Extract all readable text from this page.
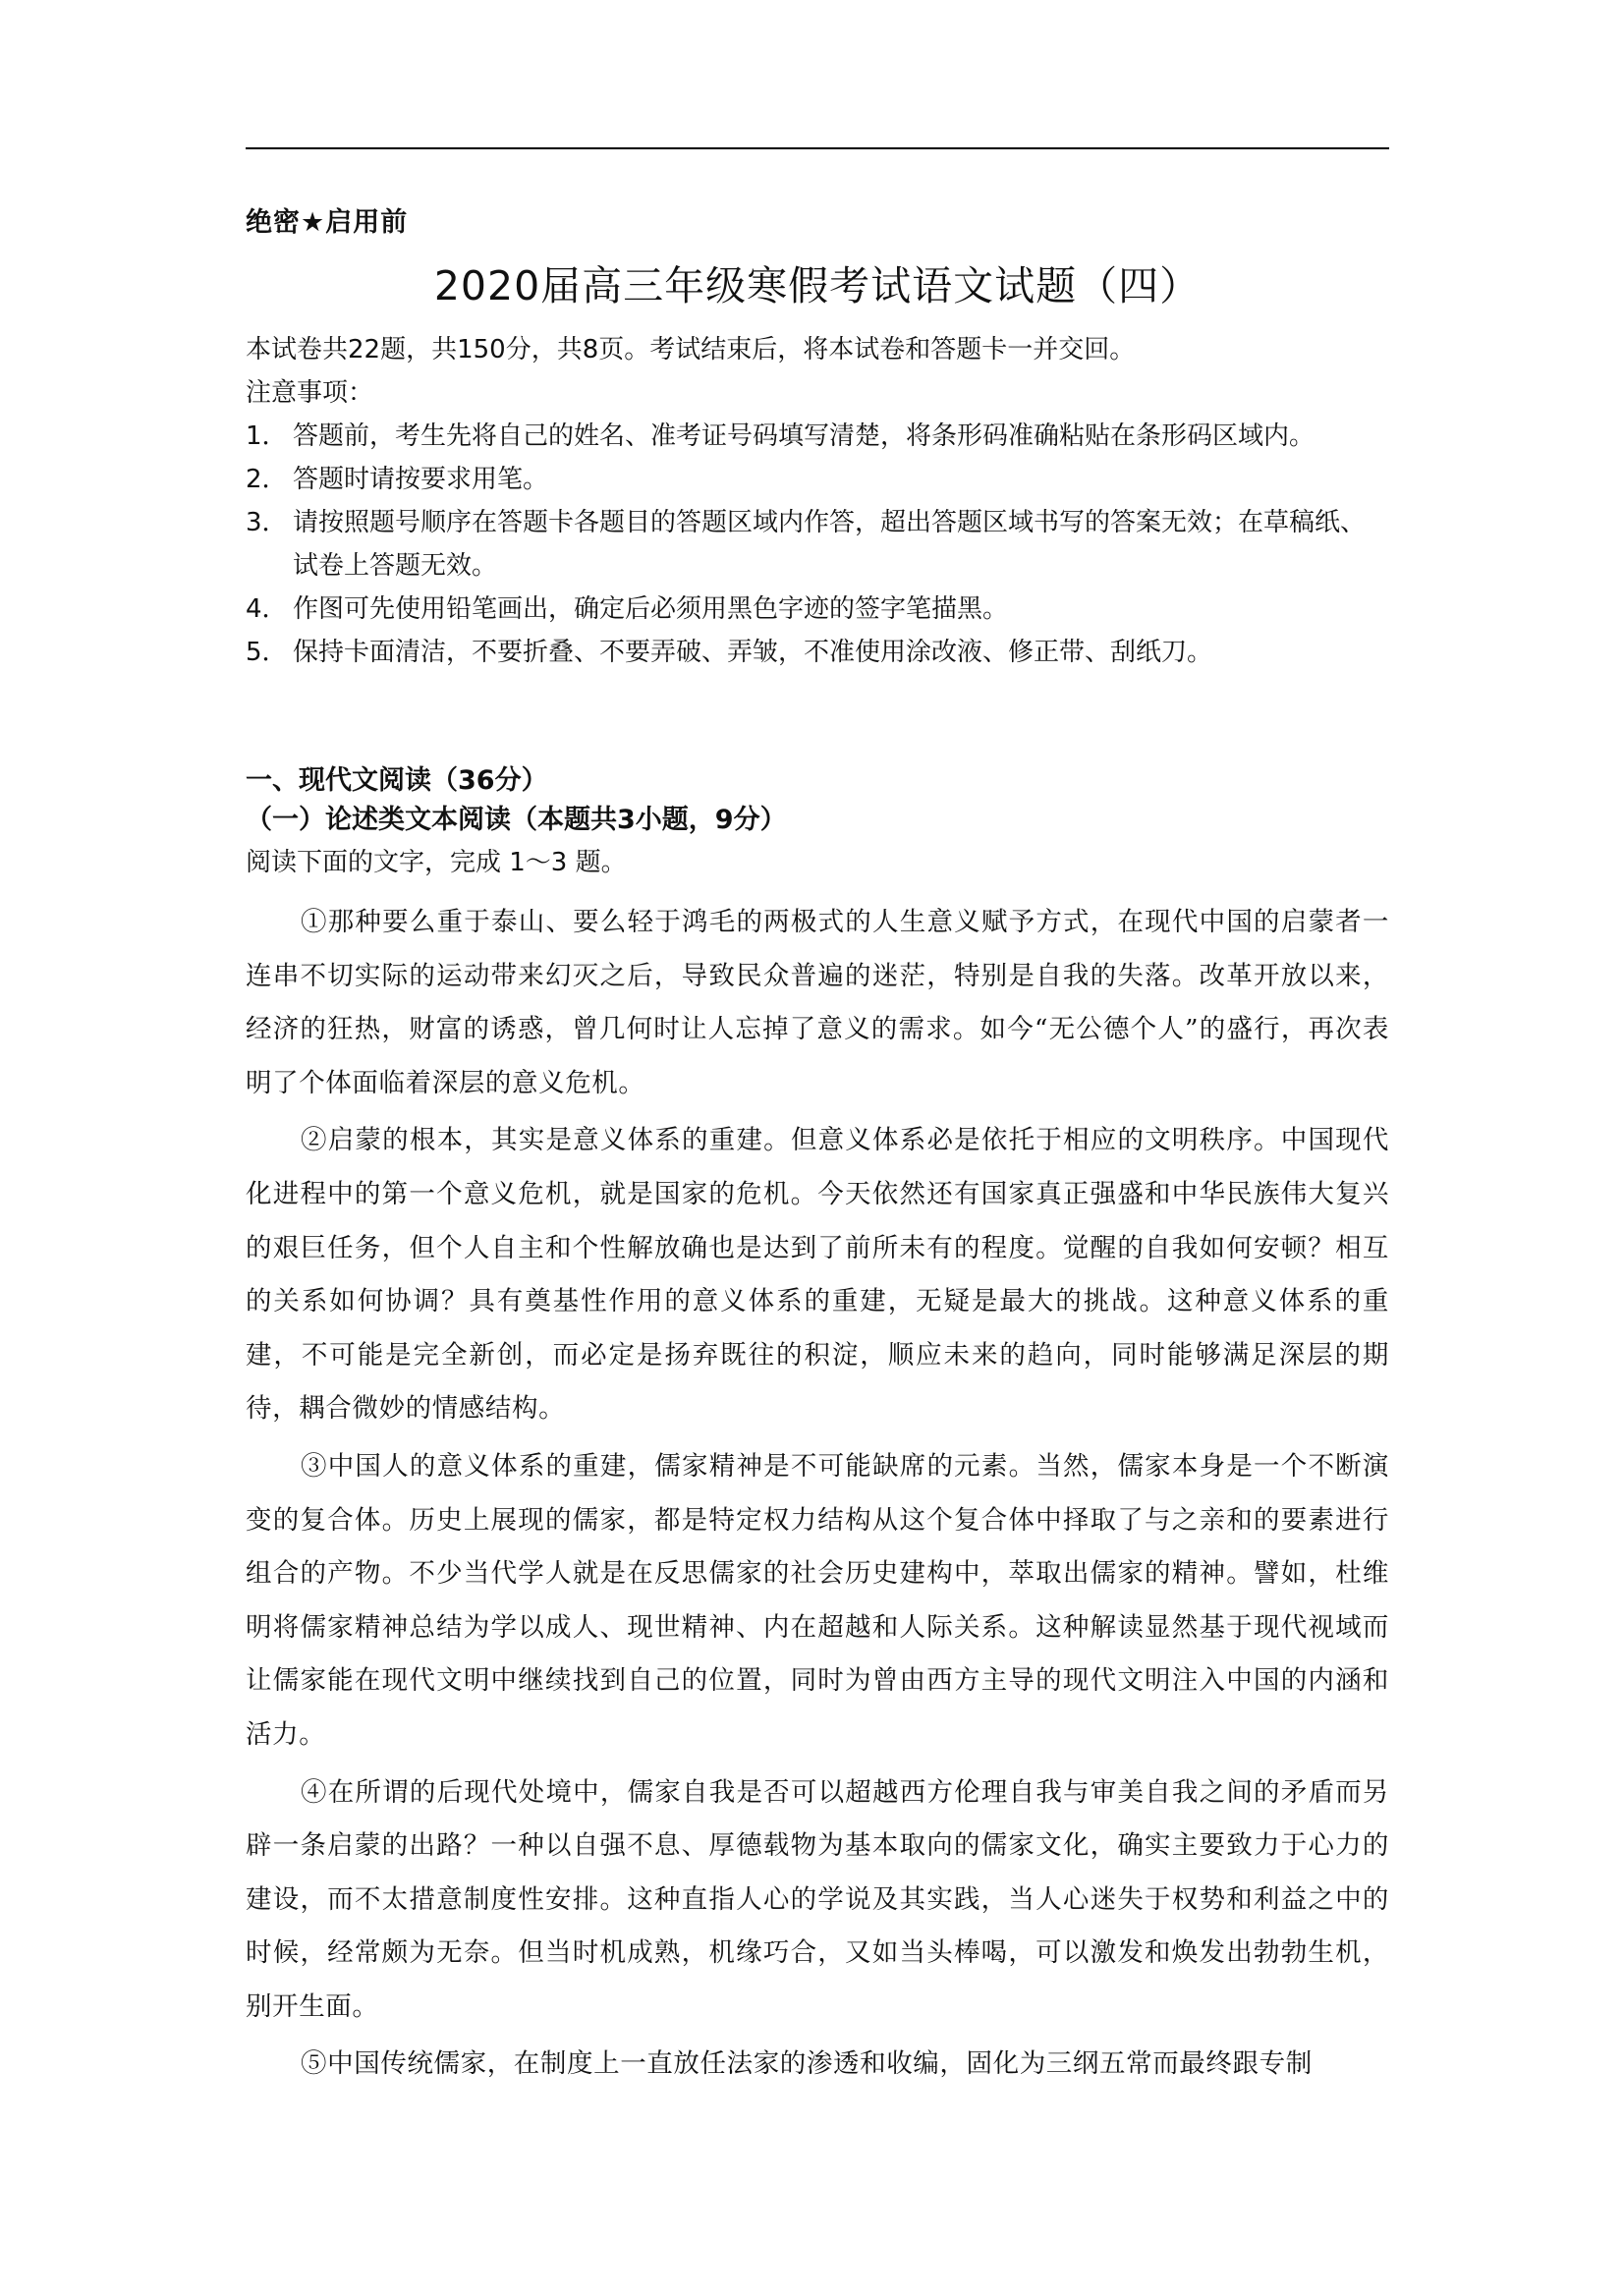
绝密★启用前
2020届高三年级寒假考试语文试题（四）
本试卷共22题，共150分，共8页。考试结束后，将本试卷和答题卡一并交回。
注意事项：
1． 答题前，考生先将自己的姓名、准考证号码填写清楚，将条形码准确粘贴在条形码区域内。
2． 答题时请按要求用笔。
3． 请按照题号顺序在答题卡各题目的答题区域内作答，超出答题区域书写的答案无效；在草稿纸、试卷上答题无效。
4． 作图可先使用铅笔画出，确定后必须用黑色字迹的签字笔描黑。
5． 保持卡面清洁，不要折叠、不要弄破、弄皱，不准使用涂改液、修正带、刮纸刀。
一、现代文阅读（36分）
（一）论述类文本阅读（本题共3小题，9分）
阅读下面的文字，完成 1～3 题。

①那种要么重于泰山、要么轻于鸿毛的两极式的人生意义赋予方式，在现代中国的启蒙者一连串不切实际的运动带来幻灭之后，导致民众普遍的迷茫，特别是自我的失落。改革开放以来，经济的狂热，财富的诱惑，曾几何时让人忘掉了意义的需求。如今“无公德个人”的盛行，再次表明了个体面临着深层的意义危机。

②启蒙的根本，其实是意义体系的重建。但意义体系必是依托于相应的文明秩序。中国现代化进程中的第一个意义危机，就是国家的危机。今天依然还有国家真正强盛和中华民族伟大复兴的艰巨任务，但个人自主和个性解放确也是达到了前所未有的程度。觉醒的自我如何安顿？相互的关系如何协调？具有奠基性作用的意义体系的重建，无疑是最大的挑战。这种意义体系的重建，不可能是完全新创，而必定是扬弃既往的积淀，顺应未来的趋向，同时能够满足深层的期待，耦合微妙的情感结构。

③中国人的意义体系的重建，儒家精神是不可能缺席的元素。当然，儒家本身是一个不断演变的复合体。历史上展现的儒家，都是特定权力结构从这个复合体中择取了与之亲和的要素进行组合的产物。不少当代学人就是在反思儒家的社会历史建构中，萃取出儒家的精神。譬如，杜维明将儒家精神总结为学以成人、现世精神、内在超越和人际关系。这种解读显然基于现代视域而让儒家能在现代文明中继续找到自己的位置，同时为曾由西方主导的现代文明注入中国的内涵和活力。

④在所谓的后现代处境中，儒家自我是否可以超越西方伦理自我与审美自我之间的矛盾而另辟一条启蒙的出路？一种以自强不息、厚德载物为基本取向的儒家文化，确实主要致力于心力的建设，而不太措意制度性安排。这种直指人心的学说及其实践，当人心迷失于权势和利益之中的时候，经常颇为无奈。但当时机成熟，机缘巧合，又如当头棒喝，可以激发和焕发出勃勃生机，别开生面。

⑤中国传统儒家，在制度上一直放任法家的渗透和收编，固化为三纲五常而最终跟专制
